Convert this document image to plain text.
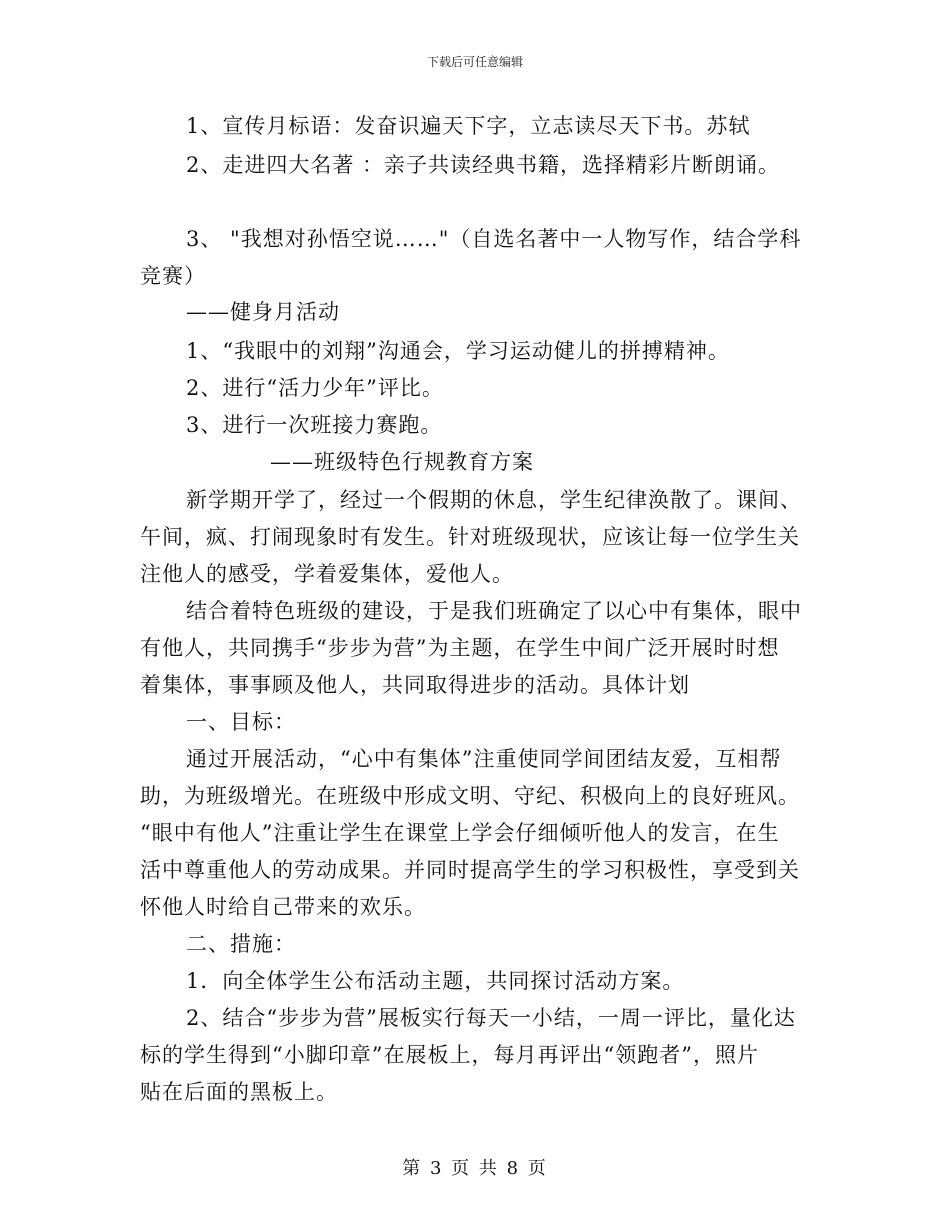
下载后可任意编辑
1、宣传月标语：发奋识遍天下字，立志读尽天下书。苏轼
2、走进四大名著 ：亲子共读经典书籍，选择精彩片断朗诵。
3、 "我想对孙悟空说……"（自选名著中一人物写作，结合学科
竞赛）
——健身月活动
1、“我眼中的刘翔”沟通会，学习运动健儿的拼搏精神。
2、进行“活力少年”评比。
3、进行一次班接力赛跑。
——班级特色行规教育方案
新学期开学了，经过一个假期的休息，学生纪律涣散了。课间、
午间，疯、打闹现象时有发生。针对班级现状，应该让每一位学生关
注他人的感受，学着爱集体，爱他人。
结合着特色班级的建设，于是我们班确定了以心中有集体，眼中
有他人，共同携手“步步为营”为主题，在学生中间广泛开展时时想
着集体，事事顾及他人，共同取得进步的活动。具体计划
一、目标：
通过开展活动，“心中有集体”注重使同学间团结友爱，互相帮
助，为班级增光。在班级中形成文明、守纪、积极向上的良好班风。
“眼中有他人”注重让学生在课堂上学会仔细倾听他人的发言，在生
活中尊重他人的劳动成果。并同时提高学生的学习积极性，享受到关
怀他人时给自己带来的欢乐。
二、措施：
1．向全体学生公布活动主题，共同探讨活动方案。
2、结合“步步为营”展板实行每天一小结，一周一评比，量化达
标的学生得到“小脚印章”在展板上，每月再评出“领跑者”，照片
贴在后面的黑板上。
第 3 页 共 8 页
